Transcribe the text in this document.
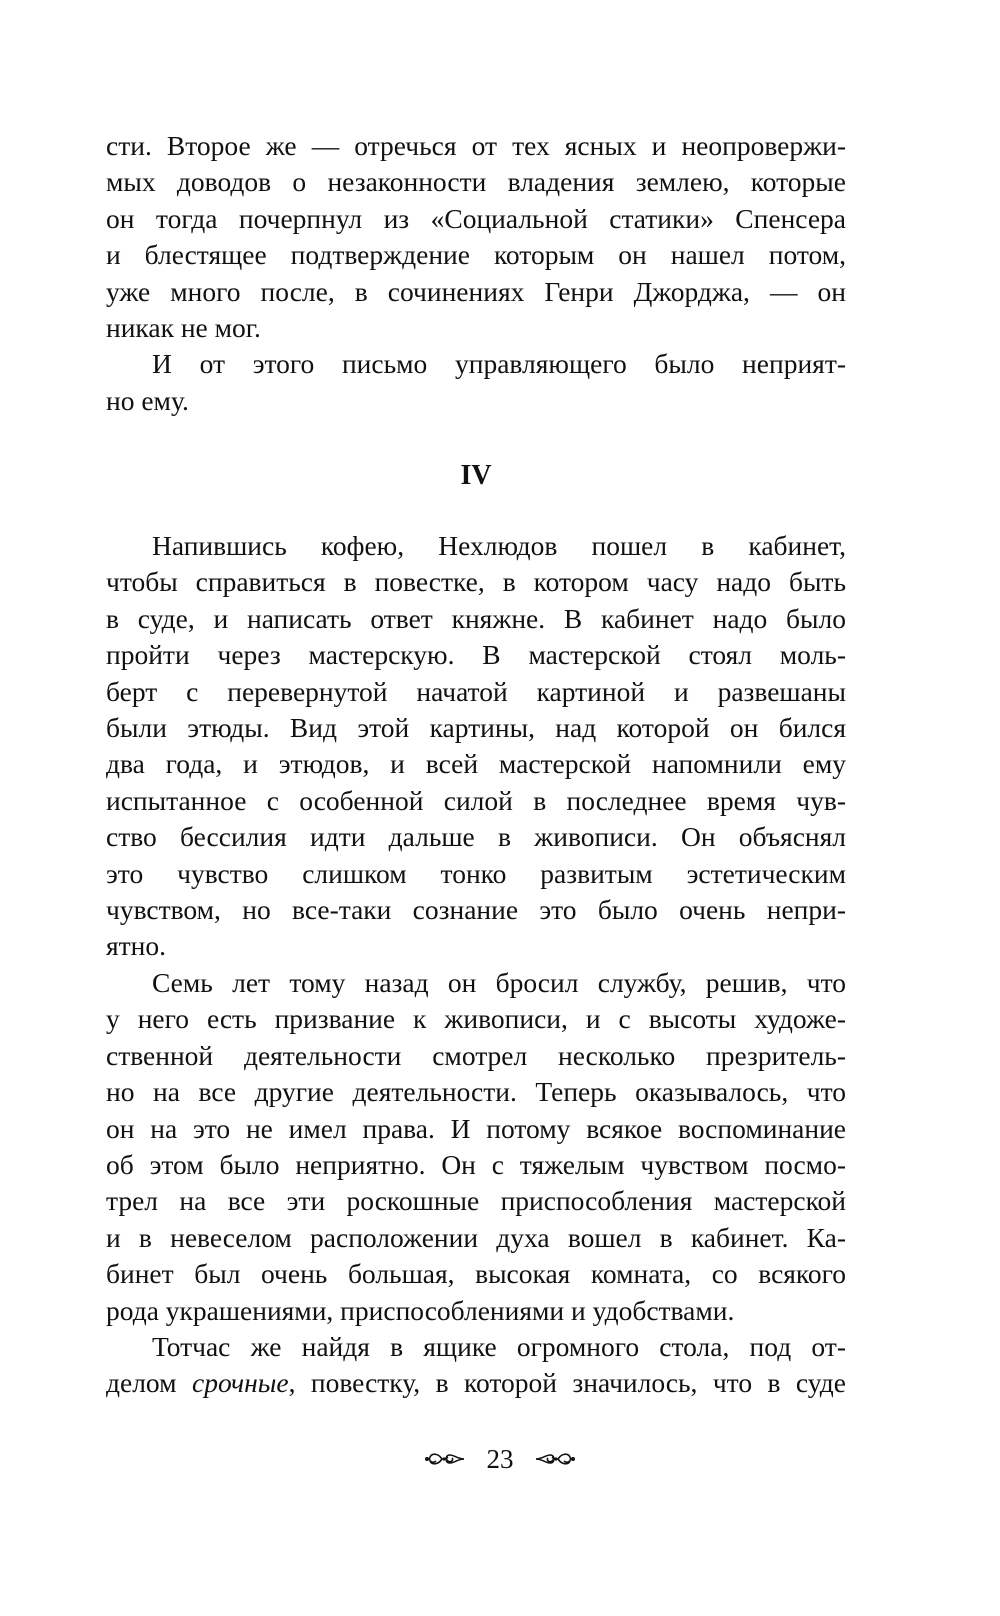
сти. Второе же — отречься от тех ясных и неопровержи-
мых доводов о незаконности владения землею, которые
он тогда почерпнул из «Социальной статики» Спенсера
и блестящее подтверждение которым он нашел потом,
уже много после, в сочинениях Генри Джорджа, — он
никак не мог.

И от этого письмо управляющего было неприят-
но ему.

IV

Напившись кофею, Нехлюдов пошел в кабинет,
чтобы справиться в повестке, в котором часу надо быть
в суде, и написать ответ княжне. В кабинет надо было
пройти через мастерскую. В мастерской стоял моль-
берт с перевернутой начатой картиной и развешаны
были этюды. Вид этой картины, над которой он бился
два года, и этюдов, и всей мастерской напомнили ему
испытанное с особенной силой в последнее время чув-
ство бессилия идти дальше в живописи. Он объяснял
это чувство слишком тонко развитым эстетическим
чувством, но все-таки сознание это было очень непри-
ятно.

Семь лет тому назад он бросил службу, решив, что
у него есть призвание к живописи, и с высоты художе-
ственной деятельности смотрел несколько презритель-
но на все другие деятельности. Теперь оказывалось, что
он на это не имел права. И потому всякое воспоминание
об этом было неприятно. Он с тяжелым чувством посмо-
трел на все эти роскошные приспособления мастерской
и в невеселом расположении духа вошел в кабинет. Ка-
бинет был очень большая, высокая комната, со всякого
рода украшениями, приспособлениями и удобствами.

Тотчас же найдя в ящике огромного стола, под от-
делом срочные, повестку, в которой значилось, что в суде

23
